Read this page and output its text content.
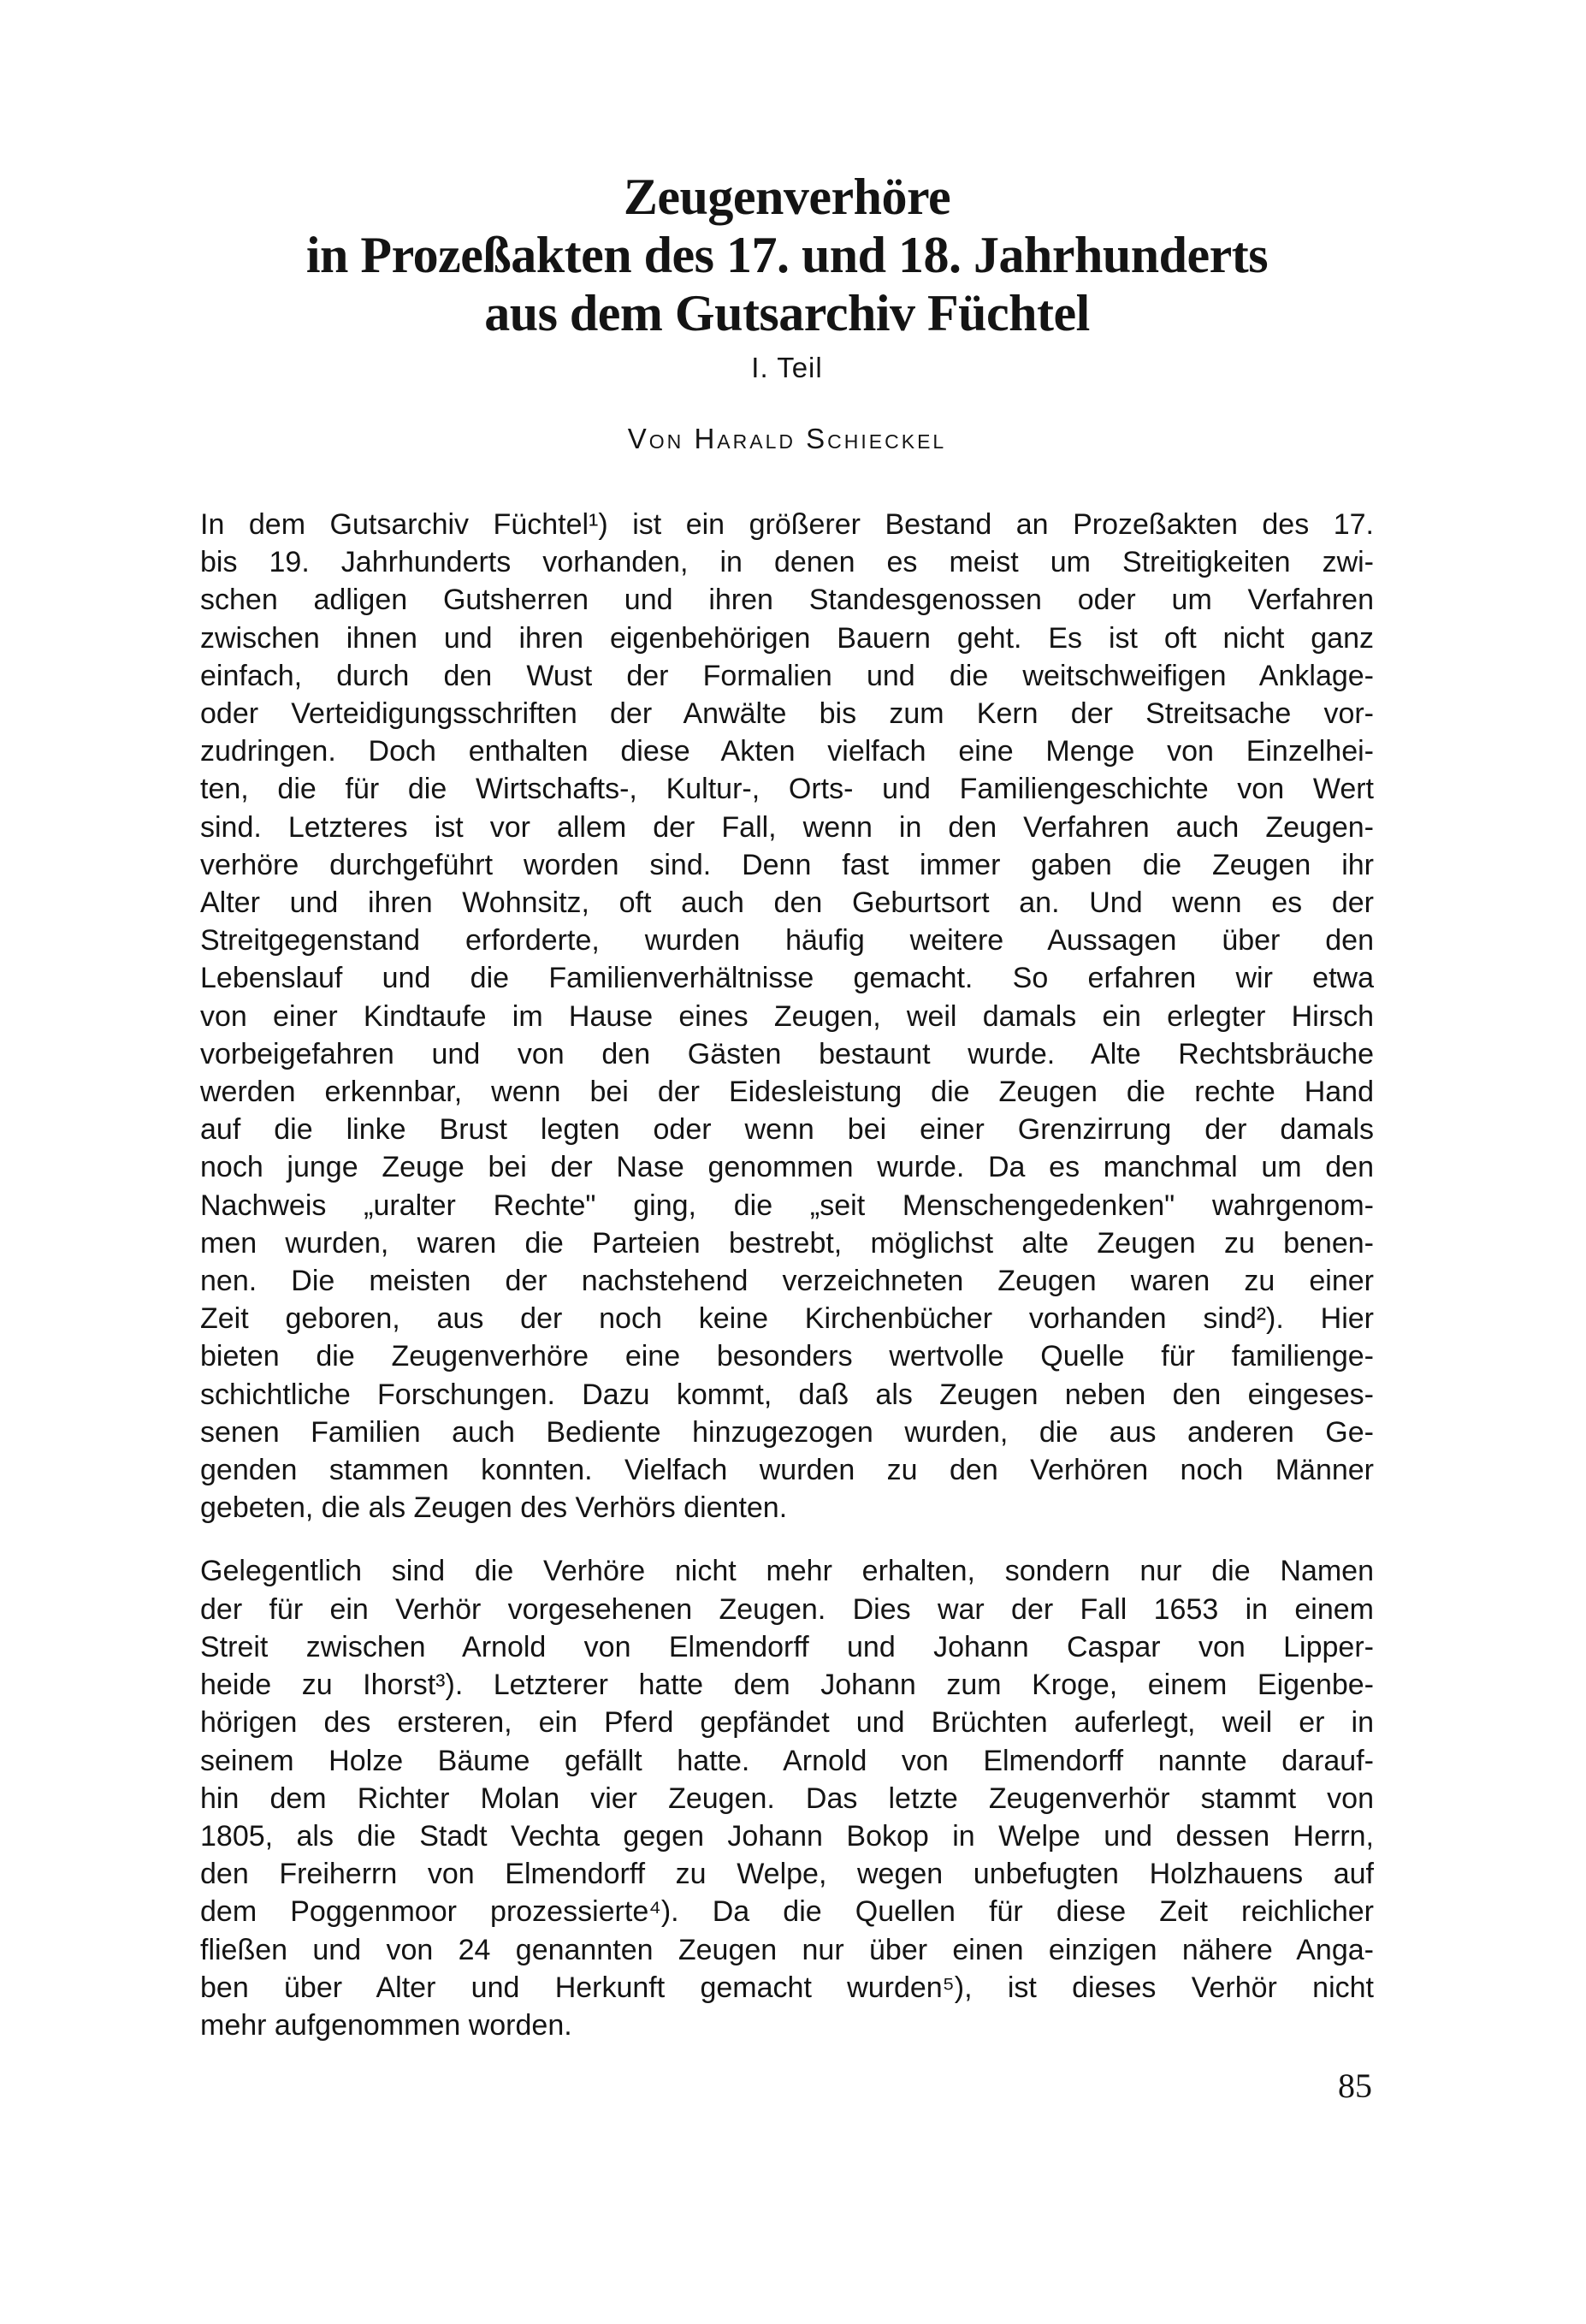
Zeugenverhöre
in Prozeßakten des 17. und 18. Jahrhunderts
aus dem Gutsarchiv Füchtel
I. Teil
Von Harald Schieckel

In dem Gutsarchiv Füchtel¹) ist ein größerer Bestand an Prozeßakten des 17.
bis 19. Jahrhunderts vorhanden, in denen es meist um Streitigkeiten zwi-
schen adligen Gutsherren und ihren Standesgenossen oder um Verfahren
zwischen ihnen und ihren eigenbehörigen Bauern geht. Es ist oft nicht ganz
einfach, durch den Wust der Formalien und die weitschweifigen Anklage-
oder Verteidigungsschriften der Anwälte bis zum Kern der Streitsache vor-
zudringen. Doch enthalten diese Akten vielfach eine Menge von Einzelhei-
ten, die für die Wirtschafts-, Kultur-, Orts- und Familiengeschichte von Wert
sind. Letzteres ist vor allem der Fall, wenn in den Verfahren auch Zeugen-
verhöre durchgeführt worden sind. Denn fast immer gaben die Zeugen ihr
Alter und ihren Wohnsitz, oft auch den Geburtsort an. Und wenn es der
Streitgegenstand erforderte, wurden häufig weitere Aussagen über den
Lebenslauf und die Familienverhältnisse gemacht. So erfahren wir etwa
von einer Kindtaufe im Hause eines Zeugen, weil damals ein erlegter Hirsch
vorbeigefahren und von den Gästen bestaunt wurde. Alte Rechtsbräuche
werden erkennbar, wenn bei der Eidesleistung die Zeugen die rechte Hand
auf die linke Brust legten oder wenn bei einer Grenzirrung der damals
noch junge Zeuge bei der Nase genommen wurde. Da es manchmal um den
Nachweis „uralter Rechte" ging, die „seit Menschengedenken" wahrgenom-
men wurden, waren die Parteien bestrebt, möglichst alte Zeugen zu benen-
nen. Die meisten der nachstehend verzeichneten Zeugen waren zu einer
Zeit geboren, aus der noch keine Kirchenbücher vorhanden sind²). Hier
bieten die Zeugenverhöre eine besonders wertvolle Quelle für familienge-
schichtliche Forschungen. Dazu kommt, daß als Zeugen neben den eingeses-
senen Familien auch Bediente hinzugezogen wurden, die aus anderen Ge-
genden stammen konnten. Vielfach wurden zu den Verhören noch Männer
gebeten, die als Zeugen des Verhörs dienten.

Gelegentlich sind die Verhöre nicht mehr erhalten, sondern nur die Namen
der für ein Verhör vorgesehenen Zeugen. Dies war der Fall 1653 in einem
Streit zwischen Arnold von Elmendorff und Johann Caspar von Lipper-
heide zu Ihorst³). Letzterer hatte dem Johann zum Kroge, einem Eigenbe-
hörigen des ersteren, ein Pferd gepfändet und Brüchten auferlegt, weil er in
seinem Holze Bäume gefällt hatte. Arnold von Elmendorff nannte darauf-
hin dem Richter Molan vier Zeugen. Das letzte Zeugenverhör stammt von
1805, als die Stadt Vechta gegen Johann Bokop in Welpe und dessen Herrn,
den Freiherrn von Elmendorff zu Welpe, wegen unbefugten Holzhauens auf
dem Poggenmoor prozessierte⁴). Da die Quellen für diese Zeit reichlicher
fließen und von 24 genannten Zeugen nur über einen einzigen nähere Anga-
ben über Alter und Herkunft gemacht wurden⁵), ist dieses Verhör nicht
mehr aufgenommen worden.

85
